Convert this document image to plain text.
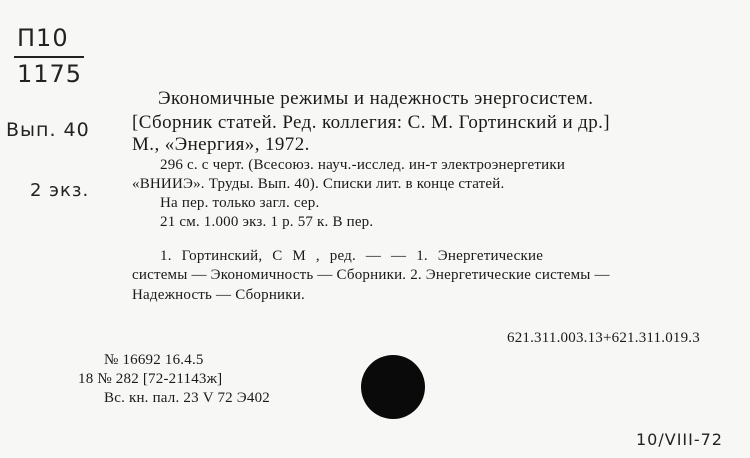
П10
1175
Вып. 40
2 экз.
Экономичные режимы и надежность энергосистем.
[Сборник статей. Ред. коллегия: С. М. Гортинский и др.]
М., «Энергия», 1972.
296 с. с черт. (Всесоюз. науч.-исслед. ин-т электроэнергетики
«ВНИИЭ». Труды. Вып. 40). Списки лит. в конце статей.
На пер. только загл. сер.
21 см. 1.000 экз. 1 р. 57 к. В пер.
1. Гортинский, С М , ред. — — 1. Энергетические
системы — Экономичность — Сборники. 2. Энергетические системы —
Надежность — Сборники.
621.311.003.13+621.311.019.3
№ 16692 16.4.5
18 № 282 [72-21143ж]
Вс. кн. пал. 23 V 72 Э402
10/VIII-72
